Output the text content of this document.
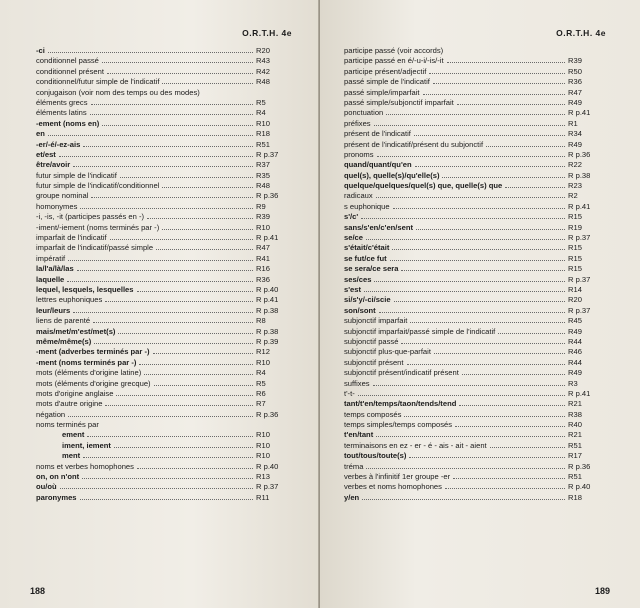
O.R.T.H. 4e
-ci	R20
conditionnel passé	R43
conditionnel présent	R42
conditionnel/futur simple de l'indicatif	R48
conjugaison (voir nom des temps ou des modes)
éléments grecs	R5
éléments latins	R4
-ement (noms en)	R10
en	R18
-er/-é/-ez-ais	R51
et/est	R p.37
être/avoir	R37
futur simple de l'indicatif	R35
futur simple de l'indicatif/conditionnel	R48
groupe nominal	R p.36
homonymes	R9
-i, -is, -it (participes passés en -)	R39
-iment/-iement (noms terminés par -)	R10
imparfait de l'indicatif	R p.41
imparfait de l'indicatif/passé simple	R47
impératif	R41
la/l'a/là/las	R16
laquelle	R36
lequel, lesquels, lesquelles	R p.40
lettres euphoniques	R p.41
leur/leurs	R p.38
liens de parenté	R8
mais/met/m'est/met(s)	R p.38
même/même(s)	R p.39
-ment (adverbes terminés par -)	R12
-ment (noms terminés par -)	R10
mots (éléments d'origine latine)	R4
mots (éléments d'origine grecque)	R5
mots d'origine anglaise	R6
mots d'autre origine	R7
négation	R p.36
noms terminés par
ement	R10
iment, iement	R10
ment	R10
noms et verbes homophones	R p.40
on, on n'ont	R13
ou/où	R p.37
paronymes	R11
188
O.R.T.H. 4e
participe passé (voir accords)
participe passé en é/-u-i/-is/-it	R39
participe présent/adjectif	R50
passé simple de l'indicatif	R36
passé simple/imparfait	R47
passé simple/subjonctif imparfait	R49
ponctuation	R p.41
préfixes	R1
présent de l'indicatif	R34
présent de l'indicatif/présent du subjonctif	R49
pronoms	R p.36
quand/quant/qu'en	R22
quel(s), quelle(s)/qu'elle(s)	R p.38
quelque/quelques/quel(s) que, quelle(s) que	R23
radicaux	R2
s euphonique	R p.41
s'/c'	R15
sans/s'en/c'en/sent	R19
se/ce	R p.37
s'était/c'était	R15
se fut/ce fut	R15
se sera/ce sera	R15
ses/ces	R p.37
s'est	R14
si/s'y/-ci/scie	R20
son/sont	R p.37
subjonctif imparfait	R45
subjonctif imparfait/passé simple de l'indicatif	R49
subjonctif passé	R44
subjonctif plus-que-parfait	R46
subjonctif présent	R44
subjonctif présent/indicatif présent	R49
suffixes	R3
t'-t-	R p.41
tant/t'en/temps/taon/tends/tend	R21
temps composés	R38
temps simples/temps composés	R40
t'en/tant	R21
terminaisons en ez - er - é - ais - ait - aient	R51
tout/tous/toute(s)	R17
tréma	R p.36
verbes à l'infinitif 1er groupe -er	R51
verbes et noms homophones	R p.40
y/en	R18
189
